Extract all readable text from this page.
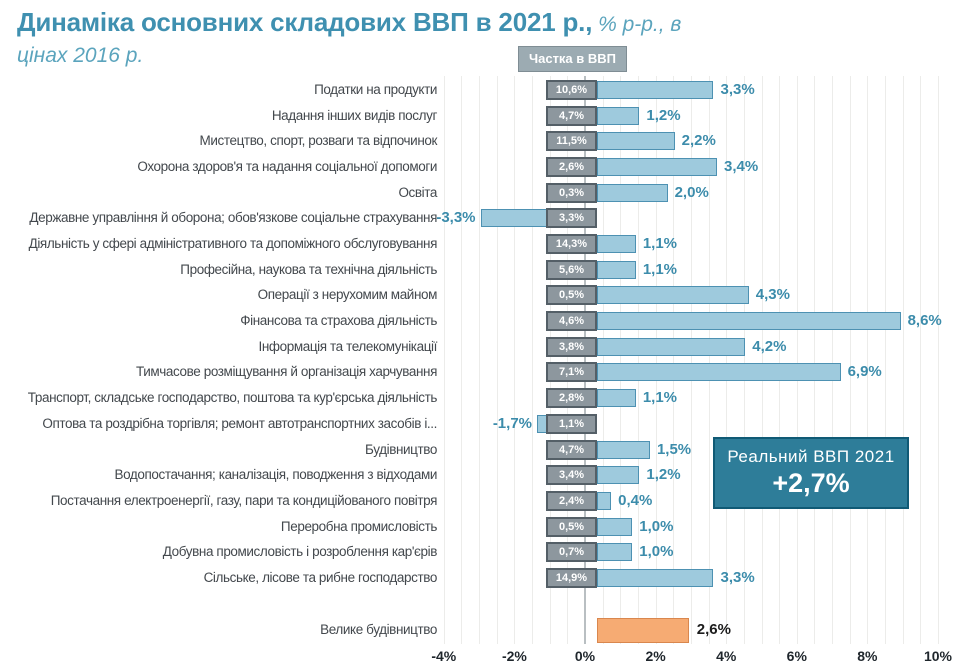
Динаміка основних складових ВВП в 2021 р., % р-р., в
цінах 2016 р.	Частка в ВВП
Податки на продукти	3,3%
10,6%
Надання інших видів послуг	1,2%
4,7%
Мистецтво, спорт, розваги та відпочинок	2,2%
11,5%
Охорона здоров'я та надання соціальної допомоги	3,4%
2,6%
Освіта	2,0%
0,3%
Державне управління й оборона; обов'язкове соціальне страхування -3,3%	3,3%
Діяльність у сфері адміністративного та допоміжного обслуговування	1,1%
14,3%
Професійна, наукова та технічна діяльність	1,1%
5,6%
Операції з нерухомим майном	4,3%
0,5%
Фінансова та страхова діяльність	8,6%
4,6%
Інформація та телекомунікації	4,2%
3,8%
Тимчасове розміщування й організація харчування	6,9%
7,1%
Транспорт, складське господарство, поштова та кур'єрська діяльність	1,1%
2,8%
Оптова та роздрібна торгівля; ремонт автотранспортних засобів і...	-1,7%	1,1%
Будівництво	1,5%
4,7%
Водопостачання; каналізація, поводження з відходами	1,2%
3,4%
Постачання електроенергії, газу, пари та кондиційованого повітря	0,4%
2,4%
Переробна промисловість	1,0%
0,5%
Добувна промисловість і розроблення кар'єрів	1,0%
0,7%
Сільське, лісове та рибне господарство	3,3%
14,9%
Велике будівництво	2,6%
-4%	-2%	0%	2%	4%	6%	8%	10%
Реальний ВВП 2021
+2,7%
